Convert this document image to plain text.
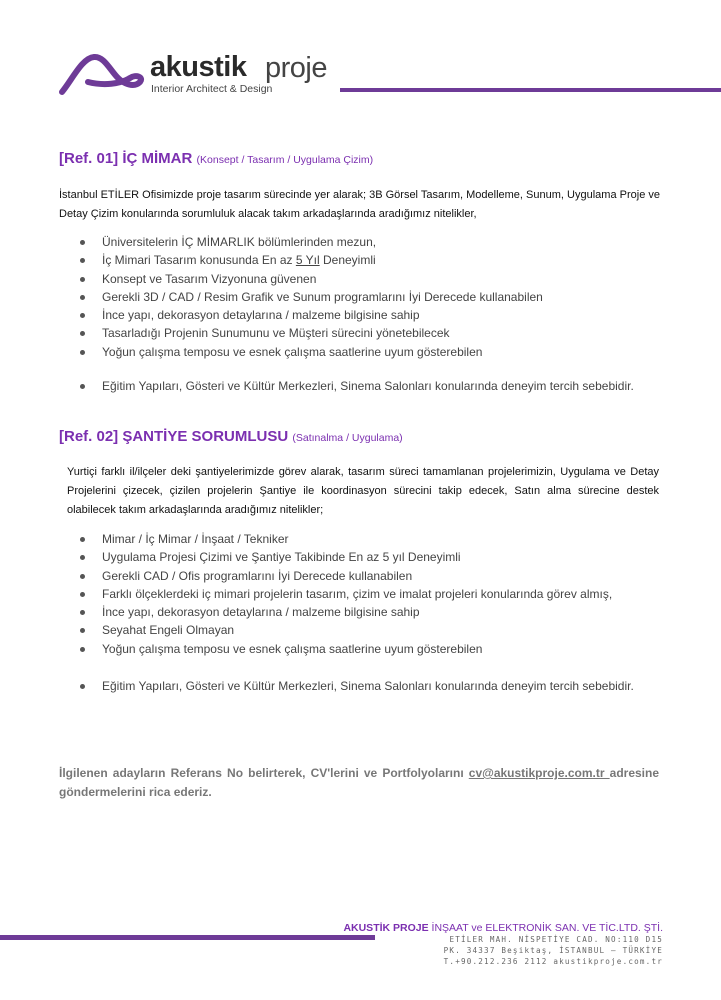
akustik proje
Interior Architect & Design
[Ref. 01] İÇ MİMAR (Konsept / Tasarım / Uygulama Çizim)
İstanbul ETİLER Ofisimizde proje tasarım sürecinde yer alarak; 3B Görsel Tasarım, Modelleme, Sunum, Uygulama Proje ve Detay Çizim konularında sorumluluk alacak takım arkadaşlarında aradığımız nitelikler,
Üniversitelerin İÇ MİMARLIK bölümlerinden mezun,
İç Mimari Tasarım konusunda En az 5 Yıl Deneyimli
Konsept ve Tasarım Vizyonuna güvenen
Gerekli 3D / CAD / Resim Grafik ve Sunum programlarını İyi Derecede kullanabilen
İnce yapı, dekorasyon detaylarına / malzeme bilgisine sahip
Tasarladığı Projenin Sunumunu ve Müşteri sürecini yönetebilecek
Yoğun çalışma temposu ve esnek çalışma saatlerine uyum gösterebilen
Eğitim Yapıları, Gösteri ve Kültür Merkezleri, Sinema Salonları konularında deneyim tercih sebebidir.
[Ref. 02] ŞANTİYE SORUMLUSU (Satınalma / Uygulama)
Yurtiçi farklı il/ilçeler deki şantiyelerimizde görev alarak, tasarım süreci tamamlanan projelerimizin, Uygulama ve Detay Projelerini çizecek, çizilen projelerin Şantiye ile koordinasyon sürecini takip edecek, Satın alma sürecine destek olabilecek takım arkadaşlarında aradığımız nitelikler;
Mimar / İç Mimar / İnşaat / Tekniker
Uygulama Projesi Çizimi ve Şantiye Takibinde En az 5 yıl Deneyimli
Gerekli CAD / Ofis programlarını İyi Derecede kullanabilen
Farklı ölçeklerdeki iç mimari projelerin tasarım, çizim ve imalat projeleri konularında görev almış,
İnce yapı, dekorasyon detaylarına / malzeme bilgisine sahip
Seyahat Engeli Olmayan
Yoğun çalışma temposu ve esnek çalışma saatlerine uyum gösterebilen
Eğitim Yapıları, Gösteri ve Kültür Merkezleri, Sinema Salonları konularında deneyim tercih sebebidir.
İlgilenen adayların Referans No belirterek, CV'lerini ve Portfolyolarını cv@akustikproje.com.tr adresine göndermelerini rica ederiz.
AKUSTİK PROJE İNŞAAT ve ELEKTRONİK SAN. VE TİC.LTD. ŞTİ.
ETİLER MAH. NİSPETİYE CAD. NO:110 D15
PK. 34337 Beşiktaş, İSTANBUL – TÜRKİYE
T.+90.212.236 2112 akustikproje.com.tr
